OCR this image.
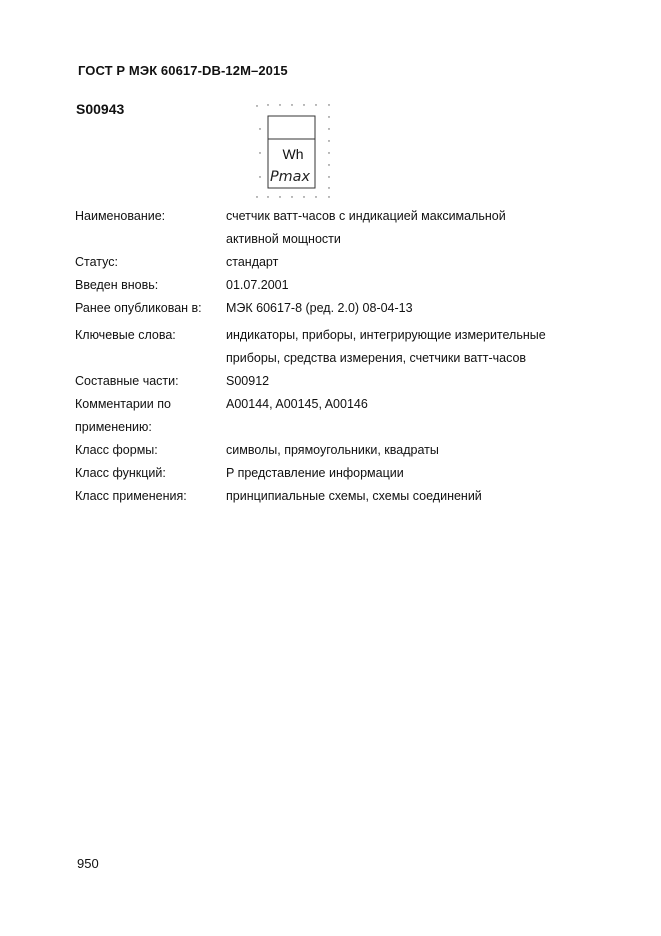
ГОСТ Р МЭК 60617-DB-12M–2015
S00943
Wh
Pmax
Наименование:	счетчик ватт-часов с индикацией максимальной
активной мощности
Статус:	стандарт
Введен вновь:	01.07.2001
Ранее опубликован в:	МЭК 60617-8 (ред. 2.0) 08-04-13
Ключевые слова:	индикаторы, приборы, интегрирующие измерительные
приборы, средства измерения, счетчики ватт-часов
Составные части:	S00912
Комментарии по
применению:
A00144, A00145, A00146

Класс формы:	символы, прямоугольники, квадраты
Класс функций:	P представление информации
Класс применения:	принципиальные схемы, схемы соединений
950
